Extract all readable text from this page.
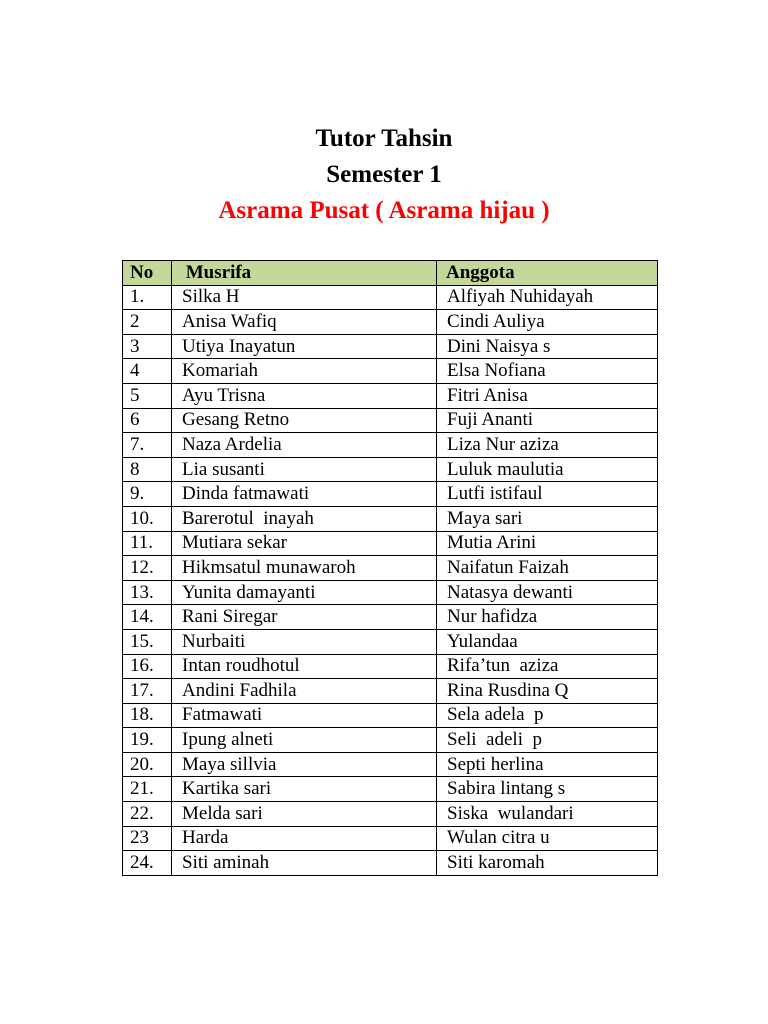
Tutor Tahsin
Semester 1
Asrama Pusat ( Asrama hijau )
No	Musrifa	Anggota
1.	Silka H	Alfiyah Nuhidayah
2	Anisa Wafiq	Cindi Auliya
3	Utiya Inayatun	Dini Naisya s
4	Komariah	Elsa Nofiana
5	Ayu Trisna	Fitri Anisa
6	Gesang Retno	Fuji Ananti
7.	Naza Ardelia	Liza Nur aziza
8	Lia susanti	Luluk maulutia
9.	Dinda fatmawati	Lutfi istifaul
10.	Barerotul  inayah	Maya sari
11.	Mutiara sekar	Mutia Arini
12.	Hikmsatul munawaroh	Naifatun Faizah
13.	Yunita damayanti	Natasya dewanti
14.	Rani Siregar	Nur hafidza
15.	Nurbaiti	Yulandaa
16.	Intan roudhotul	Rifa’tun  aziza
17.	Andini Fadhila	Rina Rusdina Q
18.	Fatmawati	Sela adela  p
19.	Ipung alneti	Seli  adeli  p
20.	Maya sillvia	Septi herlina
21.	Kartika sari	Sabira lintang s
22.	Melda sari	Siska  wulandari
23	Harda	Wulan citra u
24.	Siti aminah	Siti karomah
